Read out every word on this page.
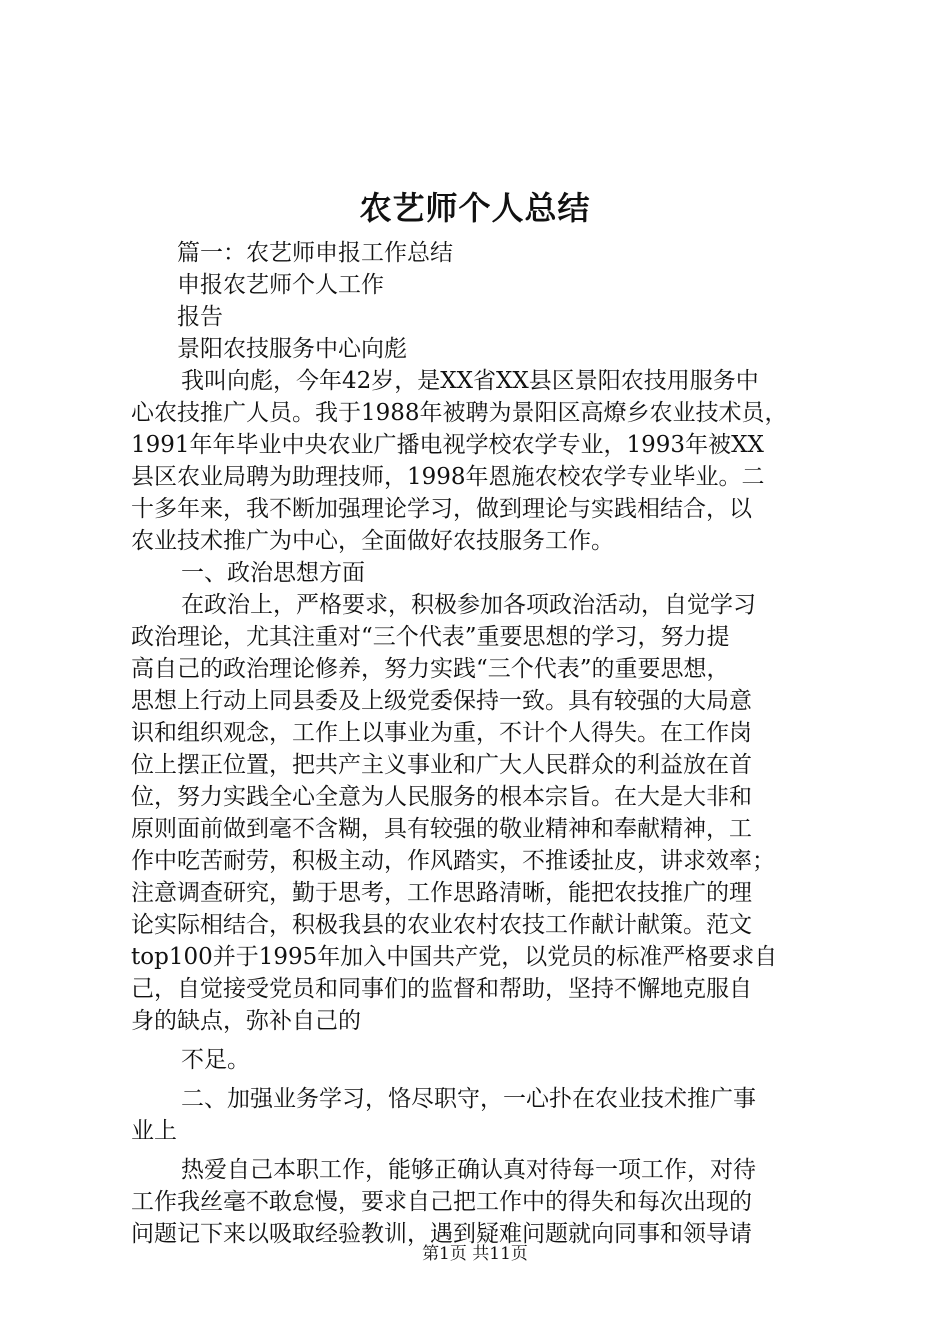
农艺师个人总结
篇一：农艺师申报工作总结
申报农艺师个人工作
报告
景阳农技服务中心向彪
我叫向彪，今年42岁，是XX省XX县区景阳农技用服务中
心农技推广人员。我于1988年被聘为景阳区高燎乡农业技术员，
1991年年毕业中央农业广播电视学校农学专业，1993年被XX
县区农业局聘为助理技师，1998年恩施农校农学专业毕业。二
十多年来，我不断加强理论学习，做到理论与实践相结合，以
农业技术推广为中心，全面做好农技服务工作。
一、政治思想方面
在政治上，严格要求，积极参加各项政治活动，自觉学习
政治理论，尤其注重对“三个代表”重要思想的学习，努力提
高自己的政治理论修养，努力实践“三个代表”的重要思想，
思想上行动上同县委及上级党委保持一致。具有较强的大局意
识和组织观念，工作上以事业为重，不计个人得失。在工作岗
位上摆正位置，把共产主义事业和广大人民群众的利益放在首
位，努力实践全心全意为人民服务的根本宗旨。在大是大非和
原则面前做到毫不含糊，具有较强的敬业精神和奉献精神，工
作中吃苦耐劳，积极主动，作风踏实，不推诿扯皮，讲求效率；
注意调查研究，勤于思考，工作思路清晰，能把农技推广的理
论实际相结合，积极我县的农业农村农技工作献计献策。范文
top100并于1995年加入中国共产党，以党员的标准严格要求自
己，自觉接受党员和同事们的监督和帮助，坚持不懈地克服自
身的缺点，弥补自己的
不足。
二、加强业务学习，恪尽职守，一心扑在农业技术推广事
业上
热爱自己本职工作，能够正确认真对待每一项工作，对待
工作我丝毫不敢怠慢，要求自己把工作中的得失和每次出现的
问题记下来以吸取经验教训，遇到疑难问题就向同事和领导请
第1页 共11页
